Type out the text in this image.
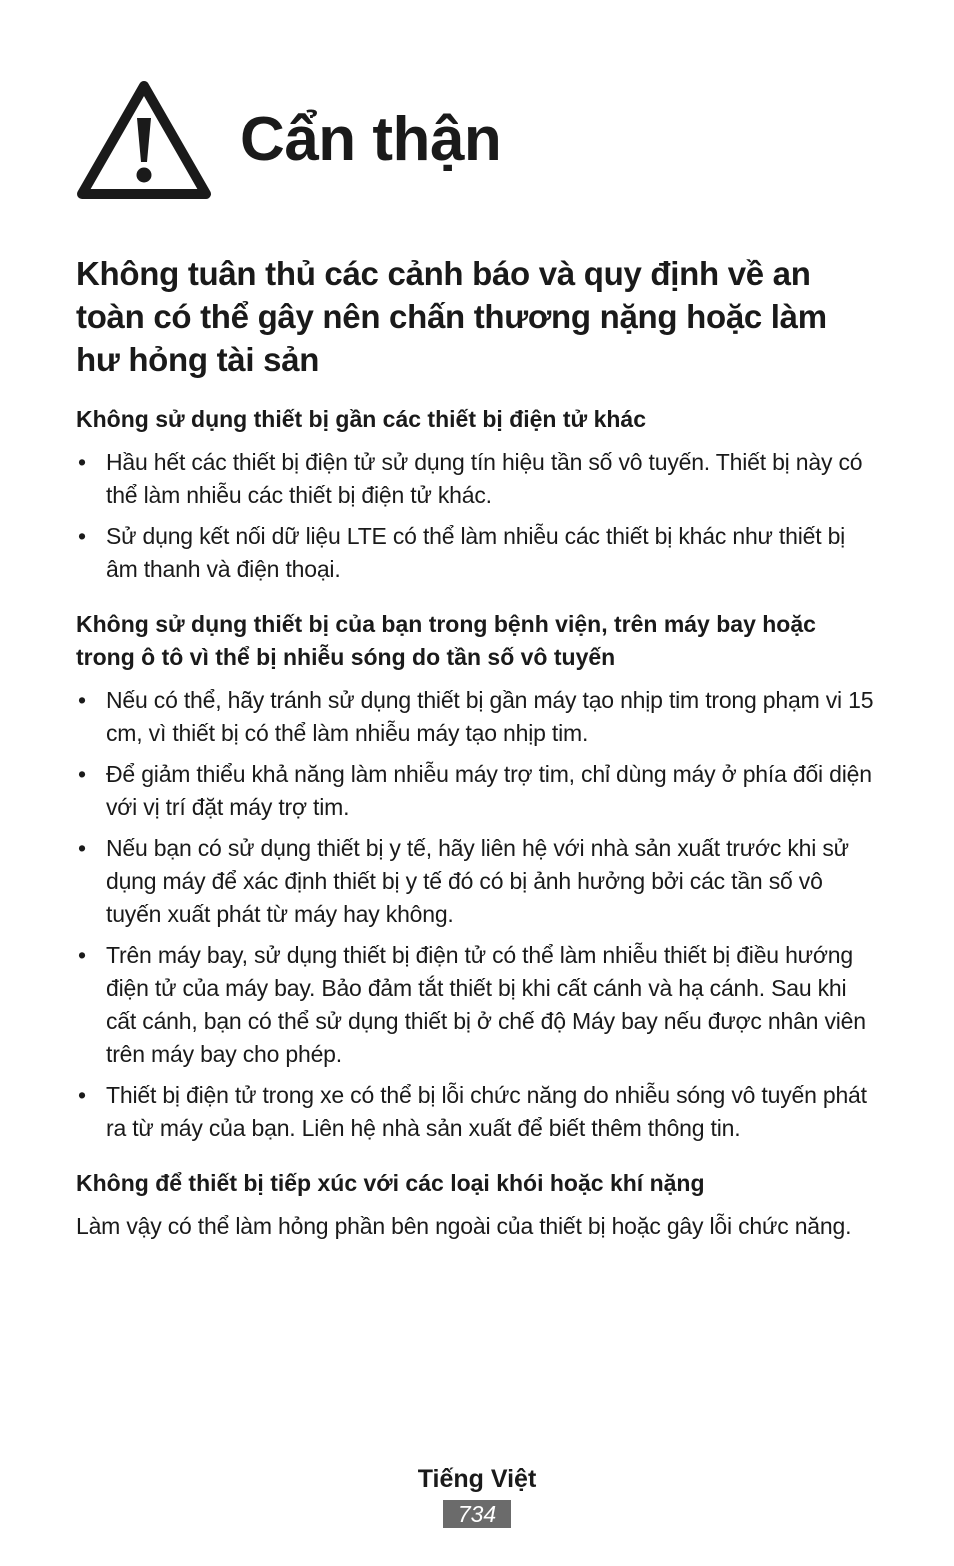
Cẩn thận
Không tuân thủ các cảnh báo và quy định về an toàn có thể gây nên chấn thương nặng hoặc làm hư hỏng tài sản
Không sử dụng thiết bị gần các thiết bị điện tử khác
• Hầu hết các thiết bị điện tử sử dụng tín hiệu tần số vô tuyến. Thiết bị này có thể làm nhiễu các thiết bị điện tử khác.
• Sử dụng kết nối dữ liệu LTE có thể làm nhiễu các thiết bị khác như thiết bị âm thanh và điện thoại.
Không sử dụng thiết bị của bạn trong bệnh viện, trên máy bay hoặc trong ô tô vì thể bị nhiễu sóng do tần số vô tuyến
• Nếu có thể, hãy tránh sử dụng thiết bị gần máy tạo nhịp tim trong phạm vi 15 cm, vì thiết bị có thể làm nhiễu máy tạo nhịp tim.
• Để giảm thiểu khả năng làm nhiễu máy trợ tim, chỉ dùng máy ở phía đối diện với vị trí đặt máy trợ tim.
• Nếu bạn có sử dụng thiết bị y tế, hãy liên hệ với nhà sản xuất trước khi sử dụng máy để xác định thiết bị y tế đó có bị ảnh hưởng bởi các tần số vô tuyến xuất phát từ máy hay không.
• Trên máy bay, sử dụng thiết bị điện tử có thể làm nhiễu thiết bị điều hướng điện tử của máy bay. Bảo đảm tắt thiết bị khi cất cánh và hạ cánh. Sau khi cất cánh, bạn có thể sử dụng thiết bị ở chế độ Máy bay nếu được nhân viên trên máy bay cho phép.
• Thiết bị điện tử trong xe có thể bị lỗi chức năng do nhiễu sóng vô tuyến phát ra từ máy của bạn. Liên hệ nhà sản xuất để biết thêm thông tin.
Không để thiết bị tiếp xúc với các loại khói hoặc khí nặng

Làm vậy có thể làm hỏng phần bên ngoài của thiết bị hoặc gây lỗi chức năng.

Tiếng Việt
734
